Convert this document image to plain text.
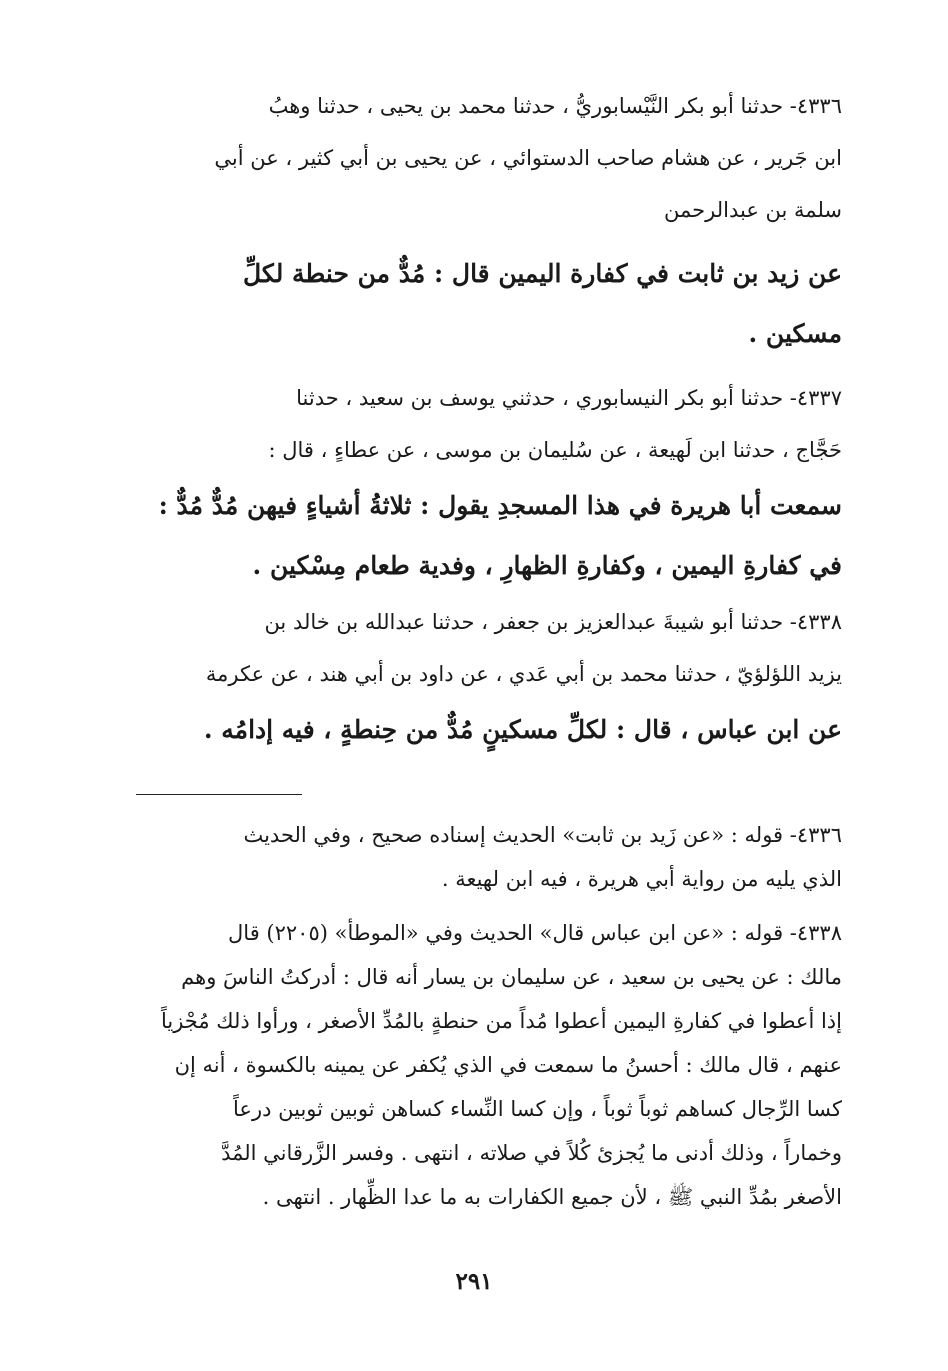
٤٣٣٦- حدثنا أبو بكر النَّيْسابوريُّ ، حدثنا محمد بن يحيى ، حدثنا وهبُ
ابن جَرير ، عن هشام صاحب الدستوائي ، عن يحيى بن أبي كثير ، عن أبي
سلمة بن عبدالرحمن
عن زيد بن ثابت في كفارة اليمين قال : مُدٌّ من حنطة لكلِّ
مسكين .
٤٣٣٧- حدثنا أبو بكر النيسابوري ، حدثني يوسف بن سعيد ، حدثنا
حَجَّاج ، حدثنا ابن لَهيعة ، عن سُليمان بن موسى ، عن عطاءٍ ، قال :
سمعت أبا هريرة في هذا المسجدِ يقول : ثلاثةُ أشياءٍ فيهن مُدٌّ مُدٌّ :
في كفارةِ اليمين ، وكفارةِ الظهارِ ، وفدية طعام مِسْكين .
٤٣٣٨- حدثنا أبو شيبةَ عبدالعزيز بن جعفر ، حدثنا عبدالله بن خالد بن
يزيد اللؤلؤيّ ، حدثنا محمد بن أبي عَدي ، عن داود بن أبي هند ، عن عكرمة
عن ابن عباس ، قال : لكلِّ مسكينٍ مُدٌّ من حِنطةٍ ، فيه إدامُه .
٤٣٣٦- قوله : «عن زَيد بن ثابت» الحديث إسناده صحيح ، وفي الحديث
الذي يليه من رواية أبي هريرة ، فيه ابن لهيعة .
٤٣٣٨- قوله : «عن ابن عباس قال» الحديث وفي «الموطأ» (٢٢٠٥) قال
مالك : عن يحيى بن سعيد ، عن سليمان بن يسار أنه قال : أدركتُ الناسَ وهم
إذا أعطوا في كفارةِ اليمين أعطوا مُداً من حنطةٍ بالمُدِّ الأصغر ، ورأوا ذلك مُجْزياً
عنهم ، قال مالك : أحسنُ ما سمعت في الذي يُكفر عن يمينه بالكسوة ، أنه إن
كسا الرِّجال كساهم ثوباً ثوباً ، وإن كسا النِّساء كساهن ثوبين ثوبين درعاً
وخماراً ، وذلك أدنى ما يُجزئ كُلاً في صلاته ، انتهى . وفسر الزَّرقاني المُدَّ
الأصغر بمُدِّ النبي ﷺ ، لأن جميع الكفارات به ما عدا الظِّهار . انتهى .
٢٩١
